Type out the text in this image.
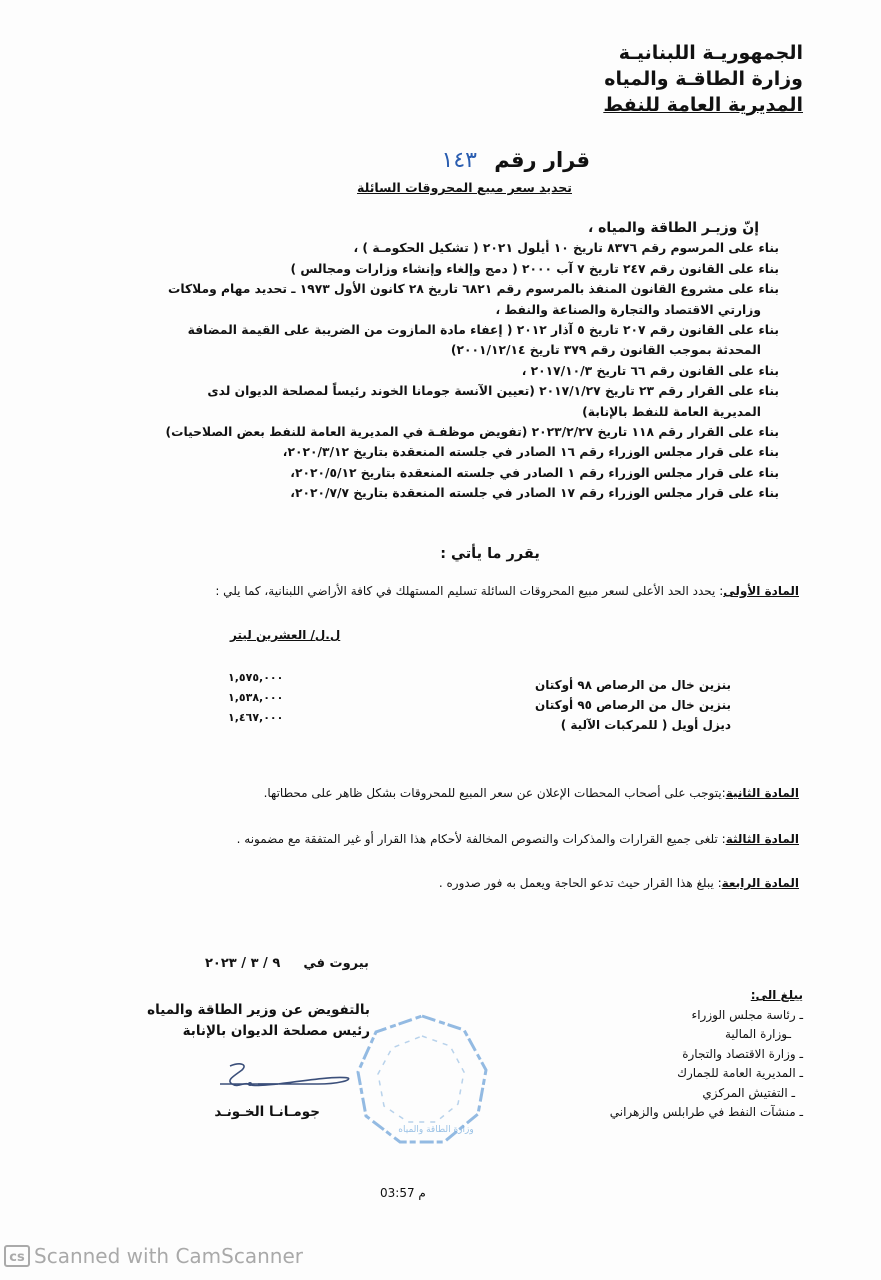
الجمهوريـة اللبنانيـة
وزارة الطاقـة والمياه
المديرية العامة للنفط
قرار رقم ١٤٣
تحديد سعر مبيع المحروقات السائلة
إنّ وزيـر الطاقة والمياه ،
بناء على المرسوم رقم ٨٣٧٦ تاريخ ١٠ أيلول ٢٠٢١ ( تشكيل الحكومـة ) ،
بناء على القانون رقم ٢٤٧ تاريخ ٧ آب ٢٠٠٠ ( دمج وإلغاء وإنشاء وزارات ومجالس )
بناء على مشروع القانون المنفذ بالمرسوم رقم ٦٨٢١ تاريخ ٢٨ كانون الأول ١٩٧٣ ـ تحديد مهام وملاكات
وزارتي الاقتصاد والتجارة والصناعة والنفط ،
بناء على القانون رقم ٢٠٧ تاريخ ٥ آذار ٢٠١٢ ( إعفاء مادة المازوت من الضريبة على القيمة المضافة
المحدثة بموجب القانون رقم ٣٧٩ تاريخ ٢٠٠١/١٢/١٤)
بناء على القانون رقم ٦٦ تاريخ ٢٠١٧/١٠/٣ ،
بناء على القرار رقم ٢٣ تاريخ ٢٠١٧/١/٢٧ (تعيين الآنسة جومانا الخوند رئيساً لمصلحة الديوان لدى
المديرية العامة للنفط بالإنابة)
بناء على القرار رقم ١١٨ تاريخ ٢٠٢٣/٢/٢٧ (تفويض موظفـة في المديرية العامة للنفط بعض الصلاحيات)
بناء على قرار مجلس الوزراء رقم ١٦ الصادر في جلسته المنعقدة بتاريخ ٢٠٢٠/٣/١٢،
بناء على قرار مجلس الوزراء رقم ١ الصادر في جلسته المنعقدة بتاريخ ٢٠٢٠/٥/١٢،
بناء على قرار مجلس الوزراء رقم ١٧ الصادر في جلسته المنعقدة بتاريخ ٢٠٢٠/٧/٧،
يقرر ما يأتي :
المادة الأولى: يحدد الحد الأعلى لسعر مبيع المحروقات السائلة تسليم المستهلك في كافة الأراضي اللبنانية، كما يلي :
ل.ل/ العشرين ليتر
١,٥٧٥,٠٠٠
١,٥٣٨,٠٠٠
١,٤٦٧,٠٠٠
بنزين خال من الرصاص ٩٨ أوكتان
بنزين خال من الرصاص ٩٥ أوكتان
ديزل أويل ( للمركبات الآلية )
المادة الثانية:يتوجب على أصحاب المحطات الإعلان عن سعر المبيع للمحروقات بشكل ظاهر على محطاتها.
المادة الثالثة: تلغى جميع القرارات والمذكرات والنصوص المخالفة لأحكام هذا القرار أو غير المتفقة مع مضمونه .
المادة الرابعة: يبلغ هذا القرار حيث تدعو الحاجة ويعمل به فور صدوره .
بيروت في  ٩ / ٣ / ٢٠٢٣
بالتفويض عن وزير الطاقة والمياه
رئيس مصلحة الديوان بالإنابة
وزارة الطاقة والمياه
جومـانـا الخـونـد
يبلغ الى:
ـ رئاسة مجلس الوزراء
ـوزارة المالية
ـ وزارة الاقتصاد والتجارة
ـ المديرية العامة للجمارك
ـ التفتيش المركزي
ـ منشآت النفط في طرابلس والزهراني
03:57 م
cs Scanned with CamScanner
